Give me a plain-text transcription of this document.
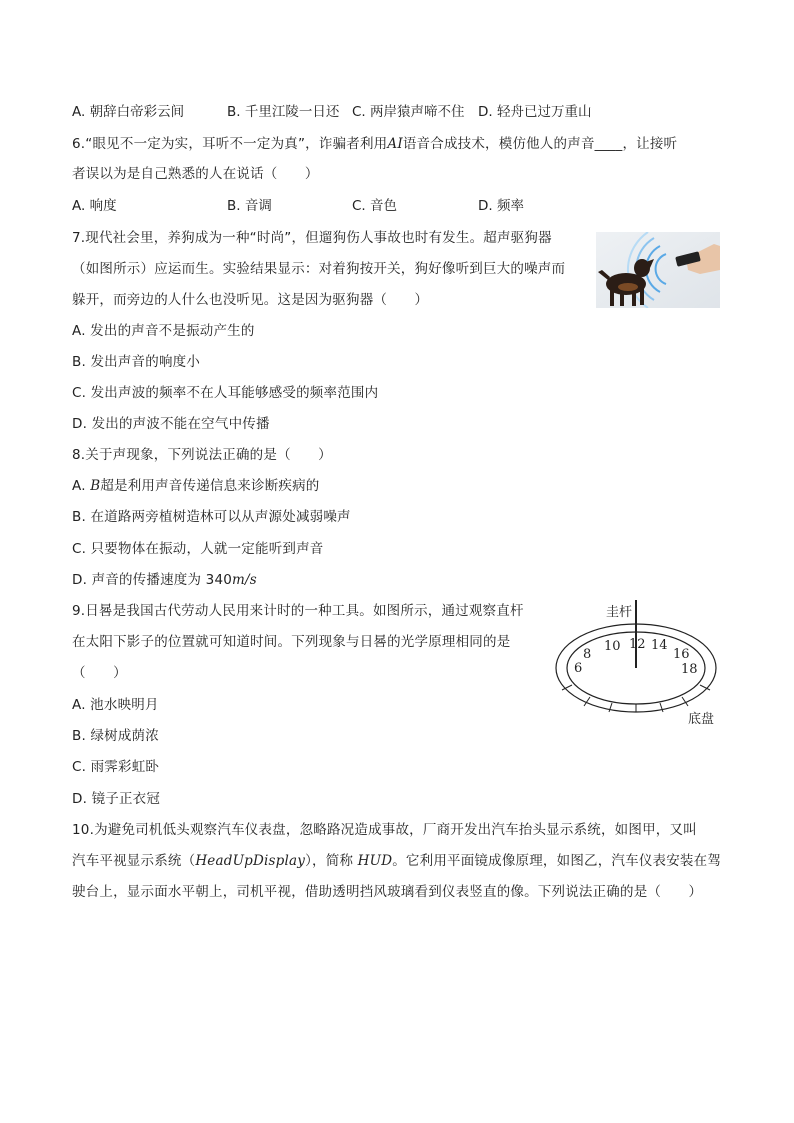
A. 朝辞白帝彩云间	B. 千里江陵一日还 C. 两岸猿声啼不住 D. 轻舟已过万重山
6.“眼见不一定为实，耳听不一定为真”，诈骗者利用AI语音合成技术，模仿他人的声音____，让接听
者误以为是自己熟悉的人在说话（　　）
A. 响度	B. 音调	C. 音色	D. 频率
7.现代社会里，养狗成为一种“时尚”，但遛狗伤人事故也时有发生。超声驱狗器
（如图所示）应运而生。实验结果显示：对着狗按开关，狗好像听到巨大的噪声而
躲开，而旁边的人什么也没听见。这是因为驱狗器（　　）
A. 发出的声音不是振动产生的
B. 发出声音的响度小
C. 发出声波的频率不在人耳能够感受的频率范围内
D. 发出的声波不能在空气中传播
8.关于声现象，下列说法正确的是（　　）
A. B超是利用声音传递信息来诊断疾病的
B. 在道路两旁植树造林可以从声源处减弱噪声
C. 只要物体在振动，人就一定能听到声音
D. 声音的传播速度为 340m/s
9.日晷是我国古代劳动人民用来计时的一种工具。如图所示，通过观察直杆
在太阳下影子的位置就可知道时间。下列现象与日晷的光学原理相同的是
（　　）
A. 池水映明月
B. 绿树成荫浓
C. 雨霁彩虹卧
D. 镜子正衣冠
圭杆
底盘
6
8
10 12 14
16
18
10.为避免司机低头观察汽车仪表盘，忽略路况造成事故，厂商开发出汽车抬头显示系统，如图甲，又叫
汽车平视显示系统（HeadUpDisplay），简称 HUD。它利用平面镜成像原理，如图乙，汽车仪表安装在驾
驶台上，显示面水平朝上，司机平视，借助透明挡风玻璃看到仪表竖直的像。下列说法正确的是（　　）
